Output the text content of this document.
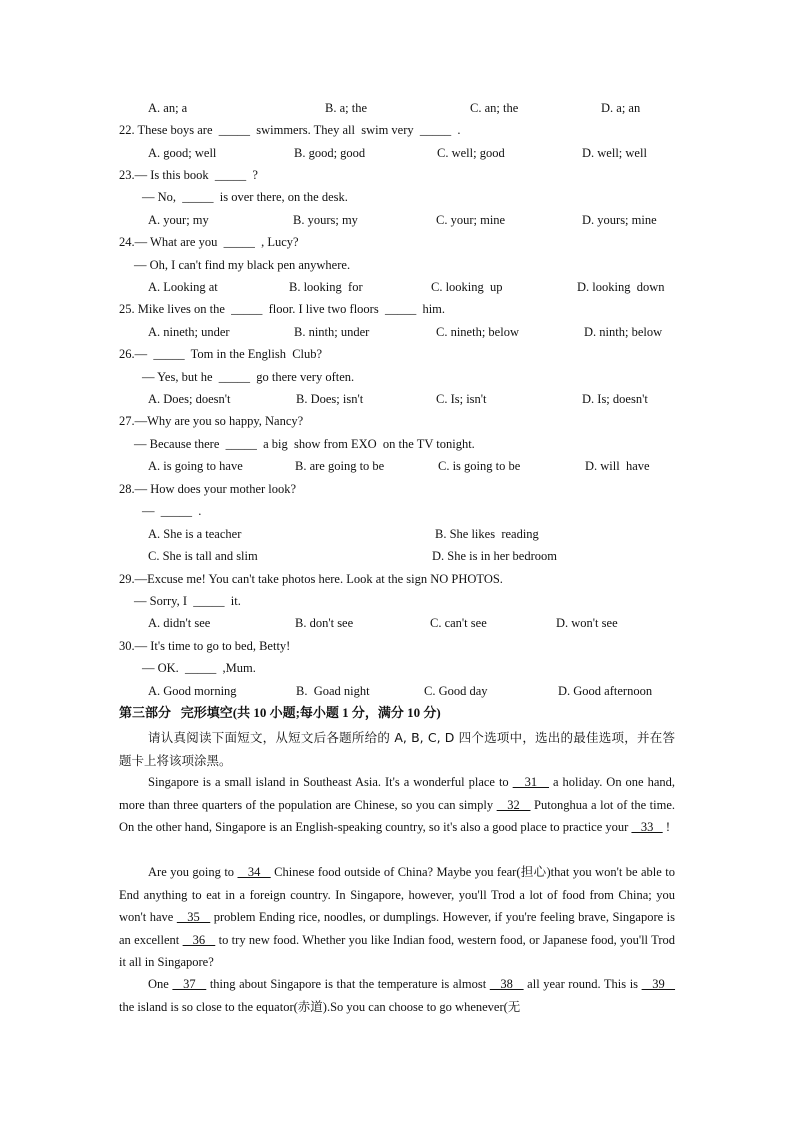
A. an; a	B. a; the	C. an; the	D. a; an
22. These boys are  _____  swimmers. They all  swim very  _____  .
A. good; well	B. good; good	C. well; good	D. well; well
23.— Is this book  _____  ?
— No,  _____  is over there, on the desk.
A. your; my	B. yours; my	C. your; mine	D. yours; mine
24.— What are you  _____  , Lucy?
— Oh, I can't find my black pen anywhere.
A. Looking at	B. looking  for	C. looking  up	D. looking  down
25. Mike lives on the  _____  floor. I live two floors  _____  him.
A. nineth; under	B. ninth; under	C. nineth; below	D. ninth; below
26.—  _____  Tom in the English  Club?
— Yes, but he  _____  go there very often.
A. Does; doesn't	B. Does; isn't	C. Is; isn't	D. Is; doesn't
27.—Why are you so happy, Nancy?
— Because there  _____  a big  show from EXO  on the TV tonight.
A. is going to have	B. are going to be	C. is going to be	D. will  have
28.— How does your mother look?
—  _____  .
A. She is a teacher	B. She likes  reading
C. She is tall and slim	D. She is in her bedroom
29.—Excuse me! You can't take photos here. Look at the sign NO PHOTOS.
— Sorry, I  _____  it.
A. didn't see	B. don't see	C. can't see	D. won't see
30.— It's time to go to bed, Betty!
— OK.  _____  ,Mum.
A. Good morning	B.  Goad night	C. Good day	D. Good afternoon
第三部分   完形填空(共 10 小题;每小题 1 分，满分 10 分)

请认真阅读下面短文，从短文后各题所给的 A, B, C, D 四个选项中，选出的最佳选项，并在答题卡上将该项涂黑。

Singapore is a small island in Southeast Asia. It's a wonderful place to    31    a holiday. On one hand, more than three quarters of the population are Chinese, so you can simply    32    Putonghua a lot of the time. On the other hand, Singapore is an English-speaking country, so it's also a good place to practice your    33    !

Are you going to    34    Chinese food outside of China? Maybe you fear(担心)that you won't be able to End anything to eat in a foreign country. In Singapore, however, you'll Trod a lot of food from China; you won't have    35    problem Ending rice, noodles, or dumplings. However, if you're feeling brave, Singapore is an excellent    36    to try new food. Whether you like Indian food, western food, or Japanese food, you'll Trod it all in Singapore?

One    37    thing about Singapore is that the temperature is almost    38    all year round. This is    39    the island is so close to the equator(赤道).So you can choose to go whenever(无
